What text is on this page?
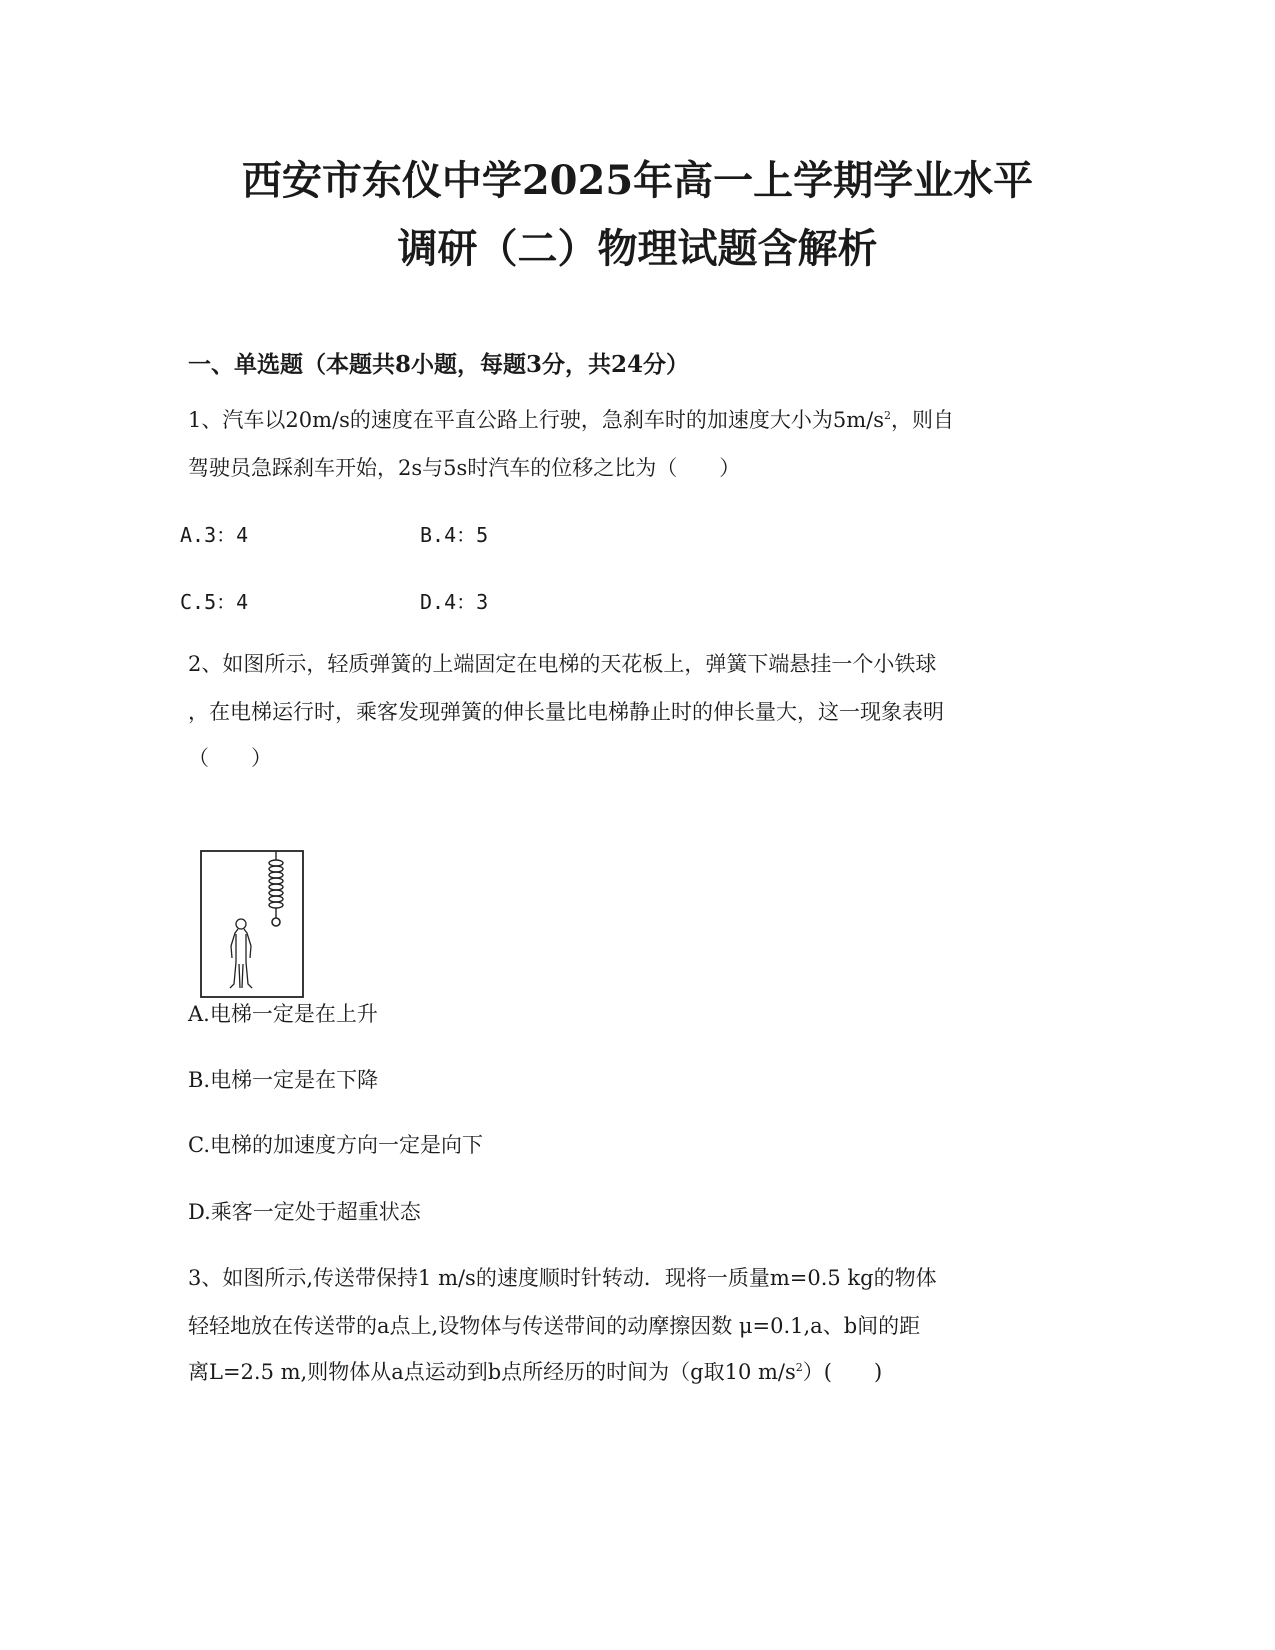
西安市东仪中学2025年高一上学期学业水平
调研（二）物理试题含解析
一、单选题（本题共8小题，每题3分，共24分）
1、汽车以20m/s的速度在平直公路上行驶，急刹车时的加速度大小为$5m/s^2$，则自
驾驶员急踩刹车开始，2s与5s时汽车的位移之比为（　　）
A.3：4	B.4：5
C.5：4	D.4：3
2、如图所示，轻质弹簧的上端固定在电梯的天花板上，弹簧下端悬挂一个小铁球
，在电梯运行时，乘客发现弹簧的伸长量比电梯静止时的伸长量大，这一现象表明
（　　）
A.电梯一定是在上升
B.电梯一定是在下降
C.电梯的加速度方向一定是向下
D.乘客一定处于超重状态
3、如图所示,传送带保持1 m/s的速度顺时针转动．现将一质量m=0.5 kg的物体
轻轻地放在传送带的a点上,设物体与传送带间的动摩擦因数 μ=0.1,a、b间的距
离L=2.5 m,则物体从a点运动到b点所经历的时间为（g取10 $m/s^2$）(　　)
